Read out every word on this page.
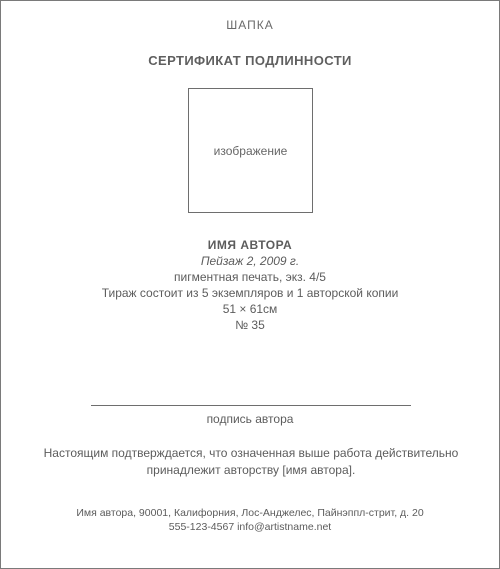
ШАПКА
СЕРТИФИКАТ ПОДЛИННОСТИ
изображение
ИМЯ АВТОРА
Пейзаж 2, 2009 г.
пигментная печать, экз. 4/5
Тираж состоит из 5 экземпляров и 1 авторской копии
51 × 61см
№ 35
подпись автора
Настоящим подтверждается, что означенная выше работа действительно принадлежит авторству [имя автора].
Имя автора, 90001, Калифорния, Лос-Анджелес, Пайнэппл-стрит, д. 20
555-123-4567 info@artistname.net
